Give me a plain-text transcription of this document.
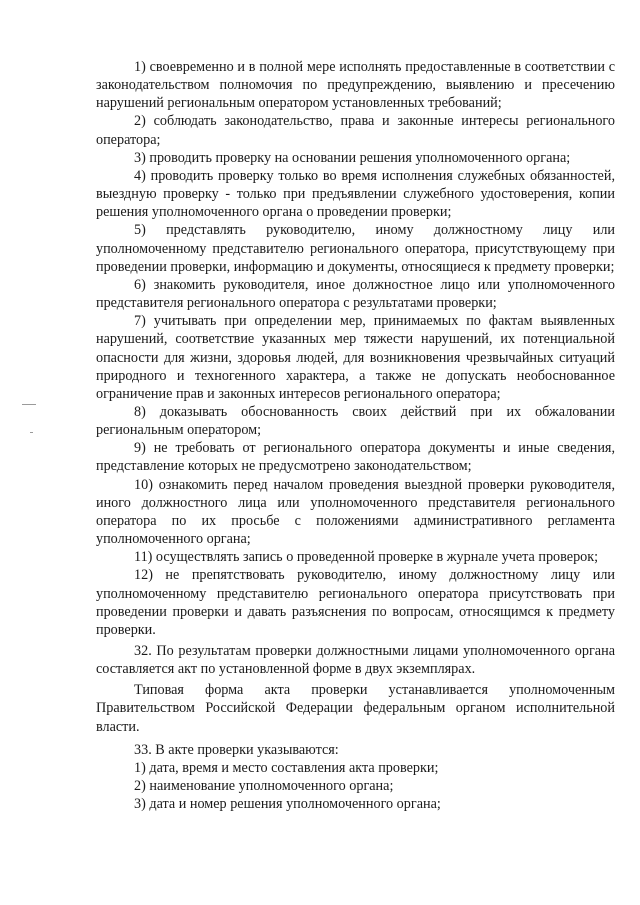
1) своевременно и в полной мере исполнять предоставленные в соответствии с законодательством полномочия по предупреждению, выявлению и пресечению нарушений региональным оператором установленных требований;

2) соблюдать законодательство, права и законные интересы регионального оператора;

3) проводить проверку на основании решения уполномоченного органа;

4) проводить проверку только во время исполнения служебных обязанностей, выездную проверку - только при предъявлении служебного удостоверения, копии решения уполномоченного органа о проведении проверки;

5) представлять руководителю, иному должностному лицу или уполномоченному представителю регионального оператора, присутствующему при проведении проверки, информацию и документы, относящиеся к предмету проверки;

6) знакомить руководителя, иное должностное лицо или уполномоченного представителя регионального оператора с результатами проверки;

7) учитывать при определении мер, принимаемых по фактам выявленных нарушений, соответствие указанных мер тяжести нарушений, их потенциальной опасности для жизни, здоровья людей, для возникновения чрезвычайных ситуаций природного и техногенного характера, а также не допускать необоснованное ограничение прав и законных интересов регионального оператора;

8) доказывать обоснованность своих действий при их обжаловании региональным оператором;

9) не требовать от регионального оператора документы и иные сведения, представление которых не предусмотрено законодательством;

10) ознакомить перед началом проведения выездной проверки руководителя, иного должностного лица или уполномоченного представителя регионального оператора по их просьбе с положениями административного регламента уполномоченного органа;

11) осуществлять запись о проведенной проверке в журнале учета проверок;

12) не препятствовать руководителю, иному должностному лицу или уполномоченному представителю регионального оператора присутствовать при проведении проверки и давать разъяснения по вопросам, относящимся к предмету проверки.

32. По результатам проверки должностными лицами уполномоченного органа составляется акт по установленной форме в двух экземплярах.

Типовая форма акта проверки устанавливается уполномоченным Правительством Российской Федерации федеральным органом исполнительной власти.

33. В акте проверки указываются:

1) дата, время и место составления акта проверки;

2) наименование уполномоченного органа;

3) дата и номер решения уполномоченного органа;
